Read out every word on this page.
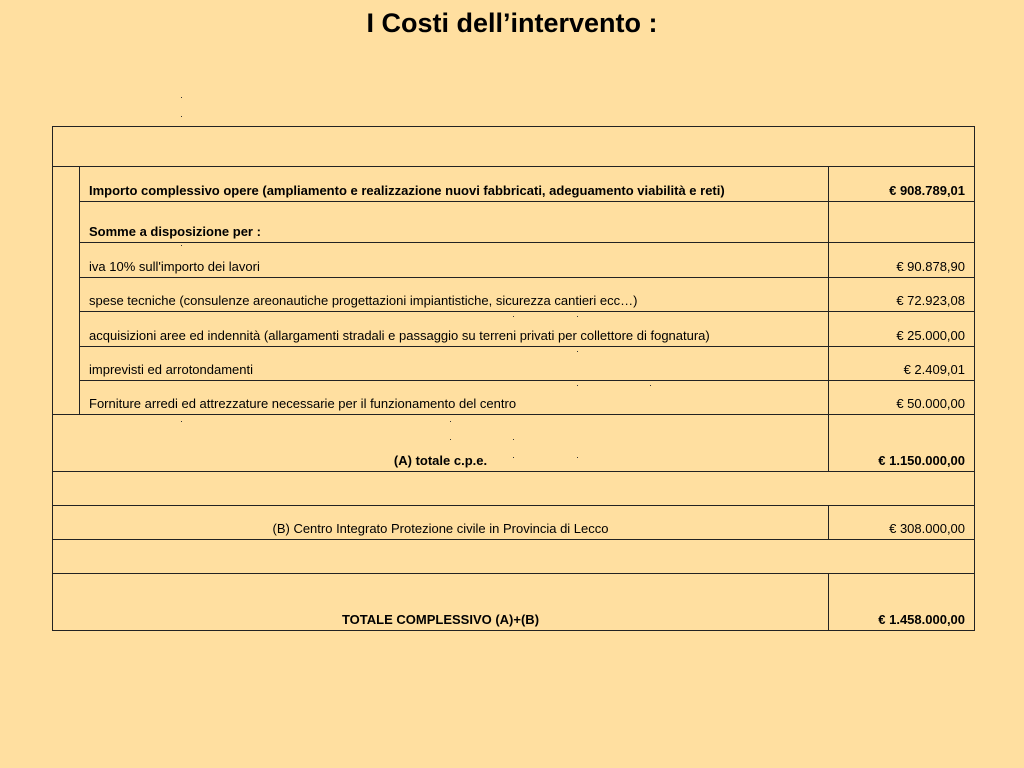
I Costi dell’intervento :

	Importo complessivo opere (ampliamento e realizzazione nuovi fabbricati, adeguamento viabilità e reti)	€ 908.789,01
	Somme a disposizione per :	
	iva 10% sull'importo dei lavori	€ 90.878,90
	spese tecniche (consulenze areonautiche progettazioni impiantistiche, sicurezza cantieri ecc…)	€ 72.923,08
	acquisizioni aree ed indennità (allargamenti stradali e passaggio su terreni privati per collettore di fognatura)	€ 25.000,00
	imprevisti ed arrotondamenti	€ 2.409,01
	Forniture arredi ed attrezzature necessarie per il funzionamento del centro	€ 50.000,00
(A) totale c.p.e.		€ 1.150.000,00

(B) Centro Integrato Protezione civile in Provincia di Lecco		€ 308.000,00

TOTALE COMPLESSIVO (A)+(B)		€ 1.458.000,00
